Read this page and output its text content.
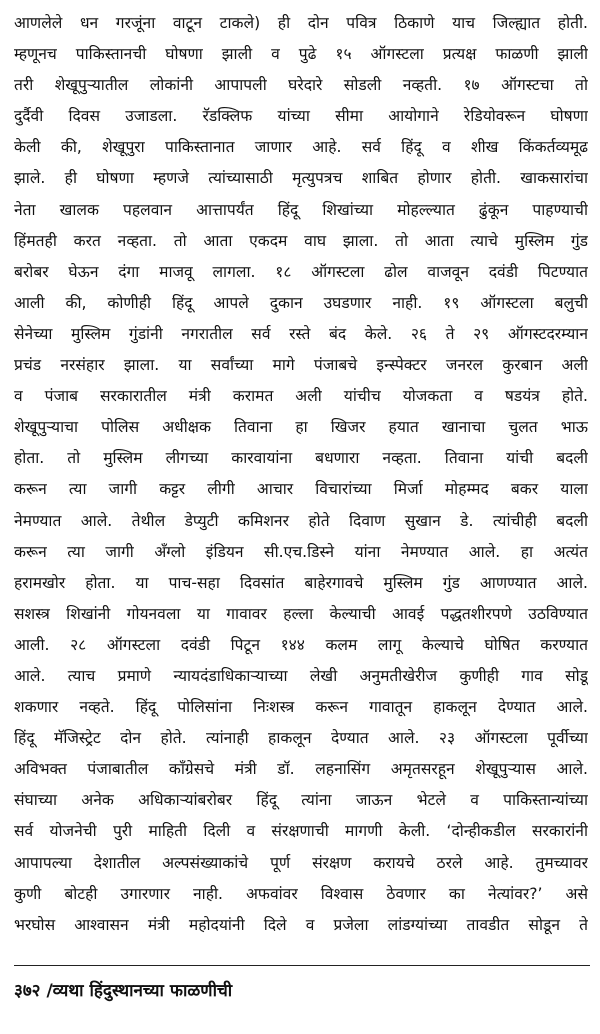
आणलेले धन गरजूंना वाटून टाकले) ही दोन पवित्र ठिकाणे याच जिल्ह्यात होती.
म्हणूनच पाकिस्तानची घोषणा झाली व पुढे १५ ऑगस्टला प्रत्यक्ष फाळणी झाली
तरी शेखूपुऱ्यातील लोकांनी आपापली घरेदारे सोडली नव्हती. १७ ऑगस्टचा तो
दुर्दैवी दिवस उजाडला. रॅडक्लिफ यांच्या सीमा आयोगाने रेडियोवरून घोषणा
केली की, शेखूपुरा पाकिस्तानात जाणार आहे. सर्व हिंदू व शीख किंकर्तव्यमूढ
झाले. ही घोषणा म्हणजे त्यांच्यासाठी मृत्युपत्रच शाबित होणार होती. खाकसारांचा
नेता खालक पहलवान आत्तापर्यंत हिंदू शिखांच्या मोहल्ल्यात ढुंकून पाहण्याची
हिंमतही करत नव्हता. तो आता एकदम वाघ झाला. तो आता त्याचे मुस्लिम गुंड
बरोबर घेऊन दंगा माजवू लागला. १८ ऑगस्टला ढोल वाजवून दवंडी पिटण्यात
आली की, कोणीही हिंदू आपले दुकान उघडणार नाही. १९ ऑगस्टला बलुची
सेनेच्या मुस्लिम गुंडांनी नगरातील सर्व रस्ते बंद केले. २६ ते २९ ऑगस्टदरम्यान
प्रचंड नरसंहार झाला. या सर्वांच्या मागे पंजाबचे इन्स्पेक्टर जनरल कुरबान अली
व पंजाब सरकारातील मंत्री करामत अली यांचीच योजकता व षडयंत्र होते.
शेखूपुऱ्याचा पोलिस अधीक्षक तिवाना हा खिजर हयात खानाचा चुलत भाऊ
होता. तो मुस्लिम लीगच्या कारवायांना बधणारा नव्हता. तिवाना यांची बदली
करून त्या जागी कट्टर लीगी आचार विचारांच्या मिर्जा मोहम्मद बकर याला
नेमण्यात आले. तेथील डेप्युटी कमिशनर होते दिवाण सुखान डे. त्यांचीही बदली
करून त्या जागी अँग्लो इंडियन सी.एच.डिस्ने यांना नेमण्यात आले. हा अत्यंत
हरामखोर होता. या पाच-सहा दिवसांत बाहेरगावचे मुस्लिम गुंड आणण्यात आले.
सशस्त्र शिखांनी गोयनवला या गावावर हल्ला केल्याची आवई पद्धतशीरपणे उठविण्यात
आली. २८ ऑगस्टला दवंडी पिटून १४४ कलम लागू केल्याचे घोषित करण्यात
आले. त्याच प्रमाणे न्यायदंडाधिकाऱ्याच्या लेखी अनुमतीखेरीज कुणीही गाव सोडू
शकणार नव्हते. हिंदू पोलिसांना निःशस्त्र करून गावातून हाकलून देण्यात आले.
हिंदू मॅजिस्ट्रेट दोन होते. त्यांनाही हाकलून देण्यात आले. २३ ऑगस्टला पूर्वीच्या
अविभक्त पंजाबातील काँग्रेसचे मंत्री डॉ. लहनासिंग अमृतसरहून शेखूपुऱ्यास आले.
संघाच्या अनेक अधिकाऱ्यांबरोबर हिंदू त्यांना जाऊन भेटले व पाकिस्तान्यांच्या
सर्व योजनेची पुरी माहिती दिली व संरक्षणाची मागणी केली. ‘दोन्हीकडील सरकारांनी
आपापल्या देशातील अल्पसंख्याकांचे पूर्ण संरक्षण करायचे ठरले आहे. तुमच्यावर
कुणी बोटही उगारणार नाही. अफवांवर विश्वास ठेवणार का नेत्यांवर?’ असे
भरघोस आश्वासन मंत्री महोदयांनी दिले व प्रजेला लांडग्यांच्या तावडीत सोडून ते
३७२ /व्यथा हिंदुस्थानच्या फाळणीची
